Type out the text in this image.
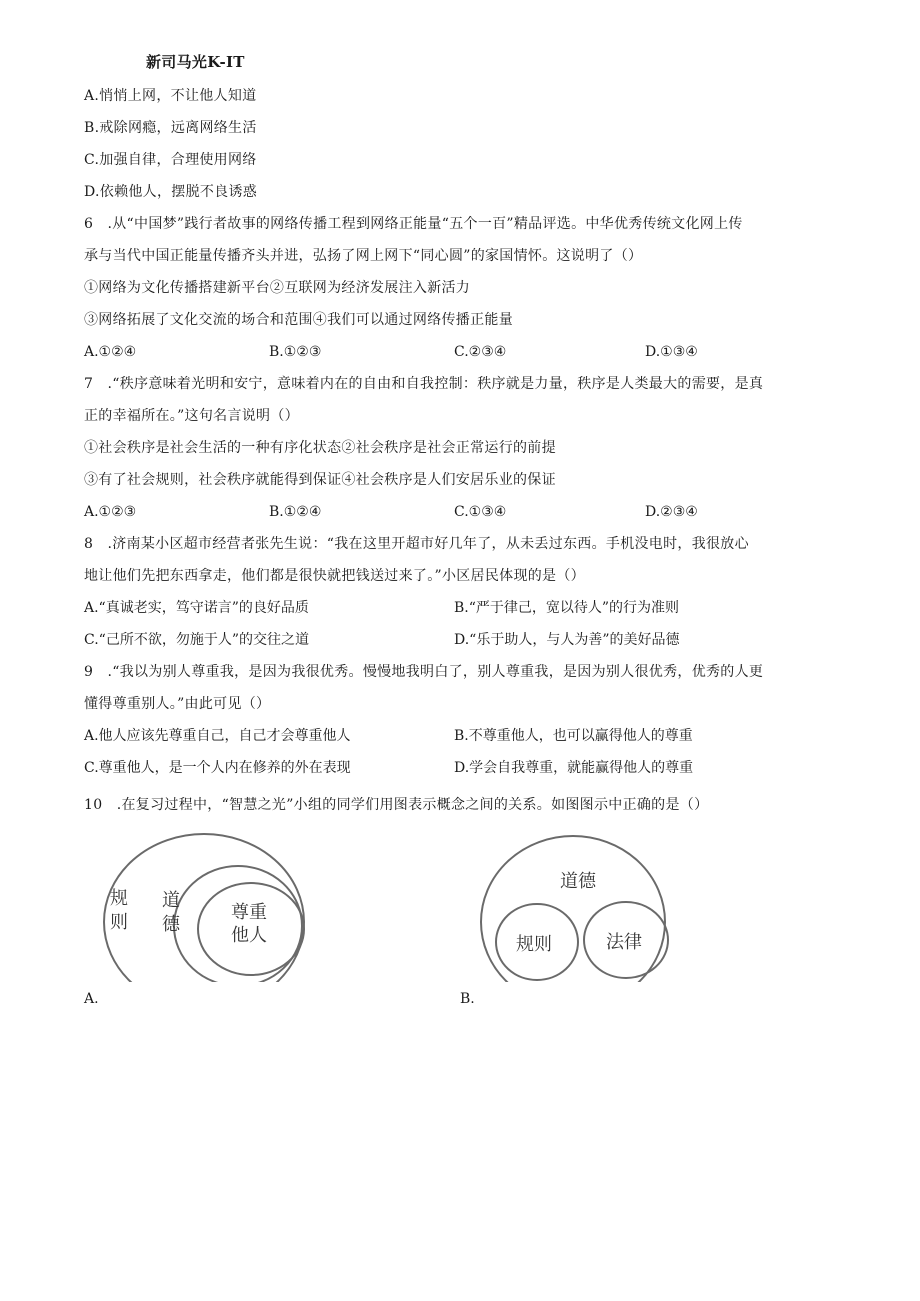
新司马光K-IT
A.悄悄上网，不让他人知道
B.戒除网瘾，远离网络生活
C.加强自律，合理使用网络
D.依赖他人，摆脱不良诱惑
6　.从“中国梦”践行者故事的网络传播工程到网络正能量“五个一百”精品评选。中华优秀传统文化网上传
承与当代中国正能量传播齐头并进，弘扬了网上网下“同心圆”的家国情怀。这说明了（）
①网络为文化传播搭建新平台②互联网为经济发展注入新活力
③网络拓展了文化交流的场合和范围④我们可以通过网络传播正能量
A.①②④	B.①②③	C.②③④	D.①③④
7　.“秩序意味着光明和安宁，意味着内在的自由和自我控制：秩序就是力量，秩序是人类最大的需要，是真
正的幸福所在。”这句名言说明（）
①社会秩序是社会生活的一种有序化状态②社会秩序是社会正常运行的前提
③有了社会规则，社会秩序就能得到保证④社会秩序是人们安居乐业的保证
A.①②③	B.①②④	C.①③④	D.②③④
8　.济南某小区超市经营者张先生说：“我在这里开超市好几年了，从未丢过东西。手机没电时，我很放心
地让他们先把东西拿走，他们都是很快就把钱送过来了。”小区居民体现的是（）
A.“真诚老实，笃守诺言”的良好品质	B.“严于律己，宽以待人”的行为准则
C.“己所不欲，勿施于人”的交往之道	D.“乐于助人，与人为善”的美好品德
9　.“我以为别人尊重我，是因为我很优秀。慢慢地我明白了，别人尊重我，是因为别人很优秀，优秀的人更
懂得尊重别人。”由此可见（）
A.他人应该先尊重自己，自己才会尊重他人	B.不尊重他人，也可以赢得他人的尊重
C.尊重他人，是一个人内在修养的外在表现	D.学会自我尊重，就能赢得他人的尊重
10　.在复习过程中，“智慧之光”小组的同学们用图表示概念之间的关系。如图图示中正确的是（）
规
则
道
德
尊重
他人
A.
道德
规则	法律
B.
